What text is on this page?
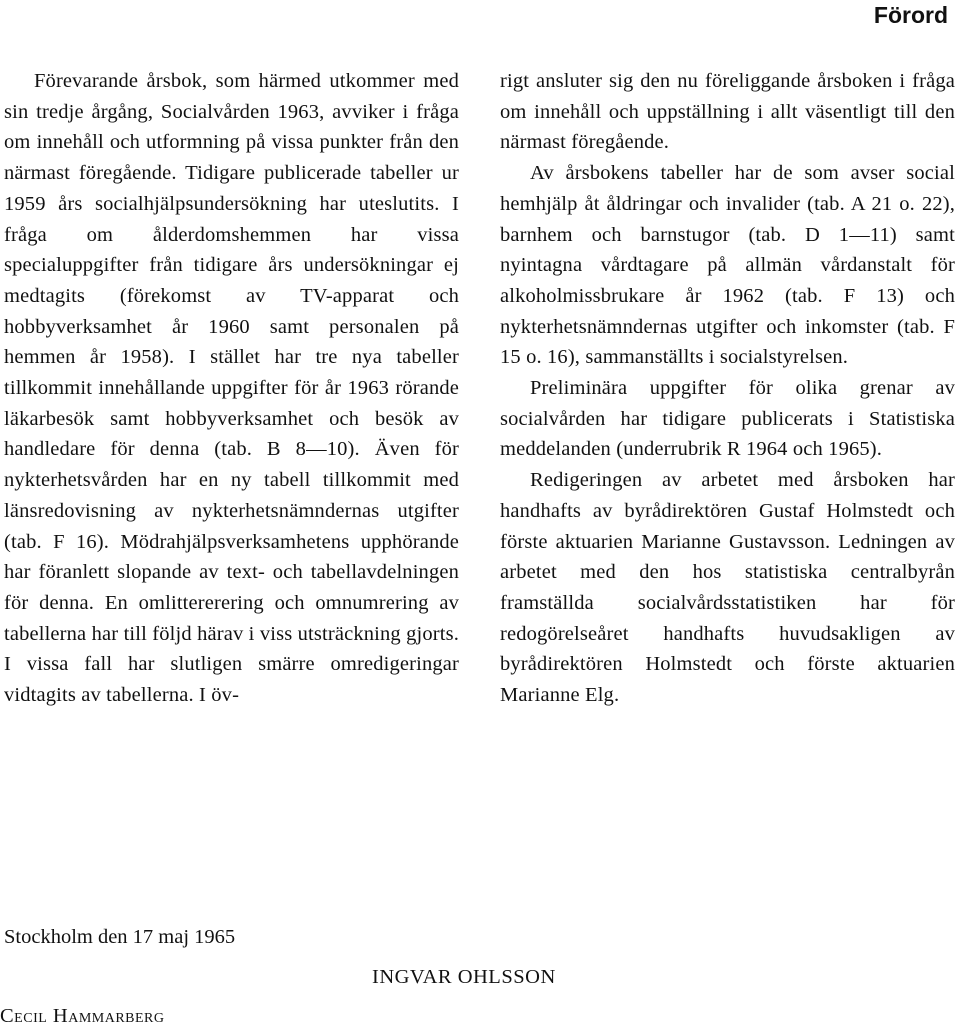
Förord

Förevarande årsbok, som härmed utkommer med sin tredje årgång, Socialvården 1963, avviker i fråga om innehåll och utformning på vissa punkter från den närmast föregående. Tidigare publicerade tabeller ur 1959 års socialhjälpsundersökning har uteslutits. I fråga om ålderdomshemmen har vissa specialuppgifter från tidigare års undersökningar ej medtagits (förekomst av TV-apparat och hobbyverksamhet år 1960 samt personalen på hemmen år 1958). I stället har tre nya tabeller tillkommit innehållande uppgifter för år 1963 rörande läkarbesök samt hobbyverksamhet och besök av handledare för denna (tab. B 8—10). Även för nykterhetsvården har en ny tabell tillkommit med länsredovisning av nykterhetsnämndernas utgifter (tab. F 16). Mödrahjälpsverksamhetens upphörande har föranlett slopande av text- och tabellavdelningen för denna. En omlittererering och omnumrering av tabellerna har till följd härav i viss utsträckning gjorts. I vissa fall har slutligen smärre omredigeringar vidtagits av tabellerna. I öv-

rigt ansluter sig den nu föreliggande årsboken i fråga om innehåll och uppställning i allt väsentligt till den närmast föregående.

Av årsbokens tabeller har de som avser social hemhjälp åt åldringar och invalider (tab. A 21 o. 22), barnhem och barnstugor (tab. D 1—11) samt nyintagna vårdtagare på allmän vårdanstalt för alkoholmissbrukare år 1962 (tab. F 13) och nykterhetsnämndernas utgifter och inkomster (tab. F 15 o. 16), sammanställts i socialstyrelsen.

Preliminära uppgifter för olika grenar av socialvården har tidigare publicerats i Statistiska meddelanden (underrubrik R 1964 och 1965).

Redigeringen av arbetet med årsboken har handhafts av byrådirektören Gustaf Holmstedt och förste aktuarien Marianne Gustavsson. Ledningen av arbetet med den hos statistiska centralbyrån framställda socialvårdsstatistiken har för redogörelseåret handhafts huvudsakligen av byrådirektören Holmstedt och förste aktuarien Marianne Elg.

Stockholm den 17 maj 1965
INGVAR OHLSSON
Cecil Hammarberg
